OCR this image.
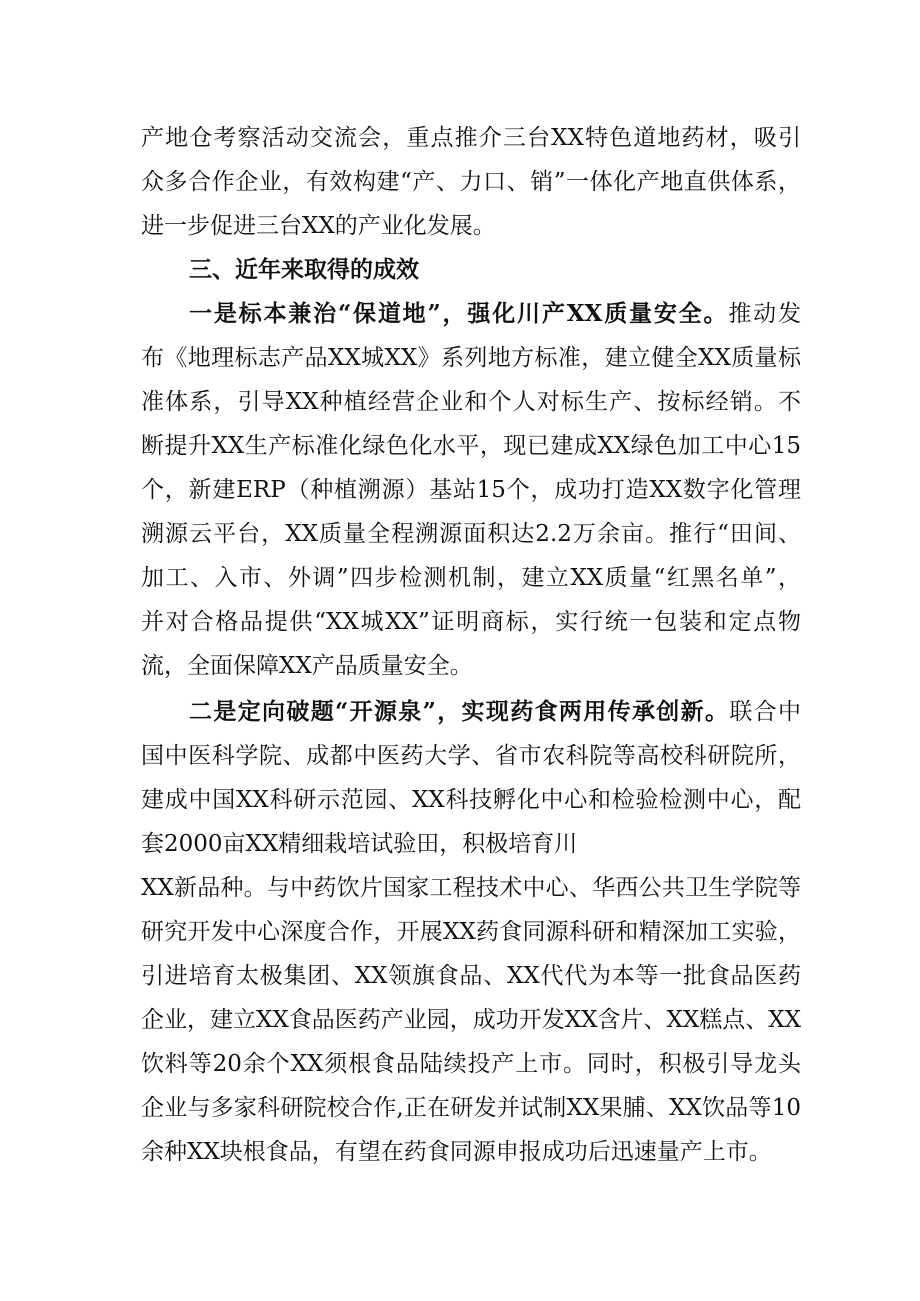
产地仓考察活动交流会，重点推介三台XX特色道地药材，吸引
众多合作企业，有效构建“产、力口、销”一体化产地直供体系，
进一步促进三台XX的产业化发展。
三、近年来取得的成效
一是标本兼治“保道地”，强化川产XX质量安全。推动发
布《地理标志产品XX城XX》系列地方标准，建立健全XX质量标
准体系，引导XX种植经营企业和个人对标生产、按标经销。不
断提升XX生产标准化绿色化水平，现已建成XX绿色加工中心15
个，新建ERP（种植溯源）基站15个，成功打造XX数字化管理
溯源云平台，XX质量全程溯源面积达2.2万余亩。推行“田间、
加工、入市、外调”四步检测机制，建立XX质量“红黑名单”，
并对合格品提供“XX城XX”证明商标，实行统一包装和定点物
流，全面保障XX产品质量安全。
二是定向破题“开源泉”，实现药食两用传承创新。联合中
国中医科学院、成都中医药大学、省市农科院等高校科研院所，
建成中国XX科研示范园、XX科技孵化中心和检验检测中心，配
套2000亩XX精细栽培试验田，积极培育川
XX新品种。与中药饮片国家工程技术中心、华西公共卫生学院等
研究开发中心深度合作，开展XX药食同源科研和精深加工实验，
引进培育太极集团、XX领旗食品、XX代代为本等一批食品医药
企业，建立XX食品医药产业园，成功开发XX含片、XX糕点、XX
饮料等20余个XX须根食品陆续投产上市。同时，积极引导龙头
企业与多家科研院校合作,正在研发并试制XX果脯、XX饮品等10
余种XX块根食品，有望在药食同源申报成功后迅速量产上市。
